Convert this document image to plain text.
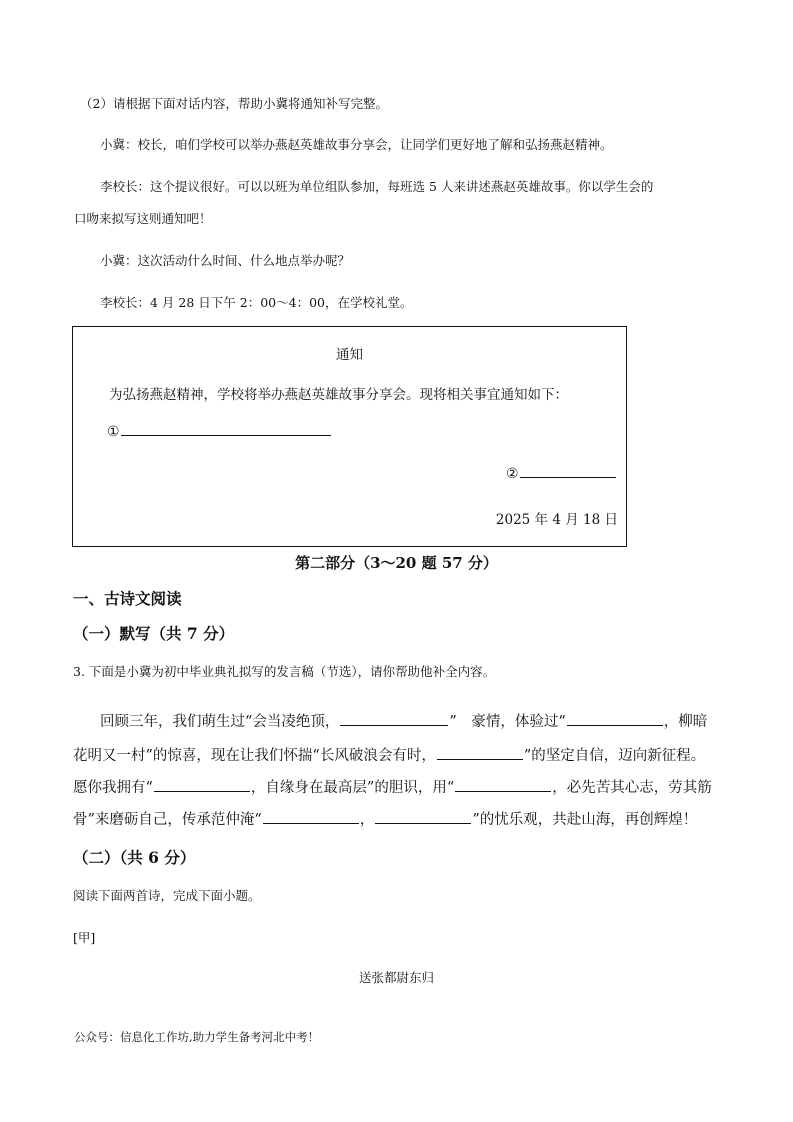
（2）请根据下面对话内容，帮助小冀将通知补写完整。
小冀：校长，咱们学校可以举办燕赵英雄故事分享会，让同学们更好地了解和弘扬燕赵精神。
李校长：这个提议很好。可以以班为单位组队参加，每班选 5 人来讲述燕赵英雄故事。你以学生会的
口吻来拟写这则通知吧！
小冀：这次活动什么时间、什么地点举办呢？
李校长：4 月 28 日下午 2：00～4：00，在学校礼堂。
通知
为弘扬燕赵精神，学校将举办燕赵英雄故事分享会。现将相关事宜通知如下：
①
②
2025 年 4 月 18 日
第二部分（3～20 题 57 分）
一、古诗文阅读
（一）默写（共 7 分）
3. 下面是小冀为初中毕业典礼拟写的发言稿（节选），请你帮助他补全内容。
回顾三年，我们萌生过“会当凌绝顶，	”　豪情，体验过“	，柳暗
花明又一村”的惊喜，现在让我们怀揣“长风破浪会有时，	”的坚定自信，迈向新征程。
愿你我拥有“	，自缘身在最高层”的胆识，用“	，必先苦其心志，劳其筋
骨”来磨砺自己，传承范仲淹“	，	”的忧乐观，共赴山海，再创辉煌！
（二）（共 6 分）
阅读下面两首诗，完成下面小题。
[甲]
送张都尉东归
公众号：信息化工作坊,助力学生备考河北中考！
